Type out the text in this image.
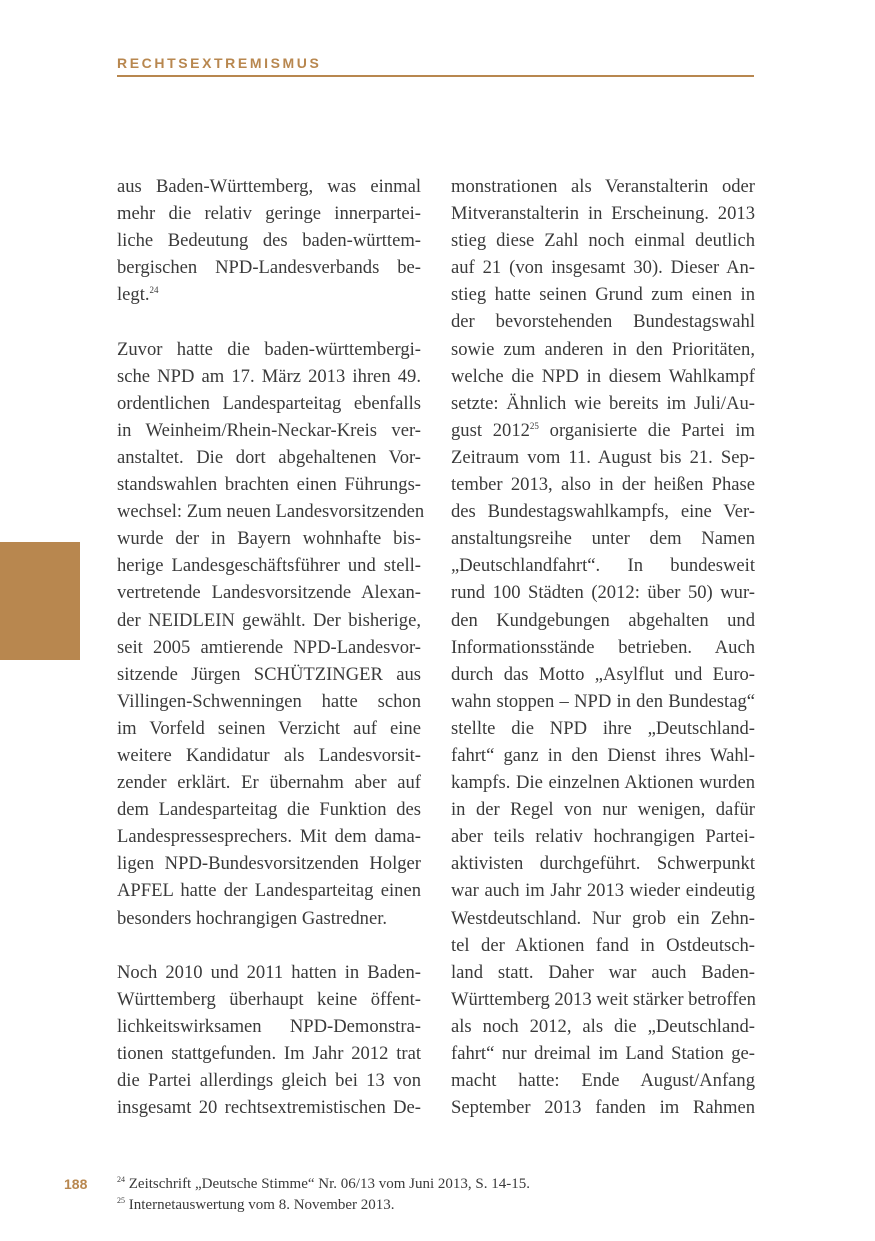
RECHTSEXTREMISMUS
aus Baden-Württemberg, was einmal
mehr die relativ geringe innerpartei-
liche Bedeutung des baden-württem-
bergischen NPD-Landesverbands be-
legt.$^{24}$
Zuvor hatte die baden-württembergi-
sche NPD am 17. März 2013 ihren 49.
ordentlichen Landesparteitag ebenfalls
in Weinheim/Rhein-Neckar-Kreis ver-
anstaltet. Die dort abgehaltenen Vor-
standswahlen brachten einen Führungs-
wechsel: Zum neuen Landesvorsitzenden
wurde der in Bayern wohnhafte bis-
herige Landesgeschäftsführer und stell-
vertretende Landesvorsitzende Alexan-
der NEIDLEIN gewählt. Der bisherige,
seit 2005 amtierende NPD-Landesvor-
sitzende Jürgen SCHÜTZINGER aus
Villingen-Schwenningen hatte schon
im Vorfeld seinen Verzicht auf eine
weitere Kandidatur als Landesvorsit-
zender erklärt. Er übernahm aber auf
dem Landesparteitag die Funktion des
Landespressesprechers. Mit dem dama-
ligen NPD-Bundesvorsitzenden Holger
APFEL hatte der Landesparteitag einen
besonders hochrangigen Gastredner.
Noch 2010 und 2011 hatten in Baden-
Württemberg überhaupt keine öffent-
lichkeitswirksamen NPD-Demonstra-
tionen stattgefunden. Im Jahr 2012 trat
die Partei allerdings gleich bei 13 von
insgesamt 20 rechtsextremistischen De-
monstrationen als Veranstalterin oder
Mitveranstalterin in Erscheinung. 2013
stieg diese Zahl noch einmal deutlich
auf 21 (von insgesamt 30). Dieser An-
stieg hatte seinen Grund zum einen in
der bevorstehenden Bundestagswahl
sowie zum anderen in den Prioritäten,
welche die NPD in diesem Wahlkampf
setzte: Ähnlich wie bereits im Juli/Au-
gust 2012$^{25}$ organisierte die Partei im
Zeitraum vom 11. August bis 21. Sep-
tember 2013, also in der heißen Phase
des Bundestagswahlkampfs, eine Ver-
anstaltungsreihe unter dem Namen
„Deutschlandfahrt“. In bundesweit
rund 100 Städten (2012: über 50) wur-
den Kundgebungen abgehalten und
Informationsstände betrieben. Auch
durch das Motto „Asylflut und Euro-
wahn stoppen – NPD in den Bundestag“
stellte die NPD ihre „Deutschland-
fahrt“ ganz in den Dienst ihres Wahl-
kampfs. Die einzelnen Aktionen wurden
in der Regel von nur wenigen, dafür
aber teils relativ hochrangigen Partei-
aktivisten durchgeführt. Schwerpunkt
war auch im Jahr 2013 wieder eindeutig
Westdeutschland. Nur grob ein Zehn-
tel der Aktionen fand in Ostdeutsch-
land statt. Daher war auch Baden-
Württemberg 2013 weit stärker betroffen
als noch 2012, als die „Deutschland-
fahrt“ nur dreimal im Land Station ge-
macht hatte: Ende August/Anfang
September 2013 fanden im Rahmen
188	$^{24}$ Zeitschrift „Deutsche Stimme“ Nr. 06/13 vom Juni 2013, S. 14-15.
$^{25}$ Internetauswertung vom 8. November 2013.
